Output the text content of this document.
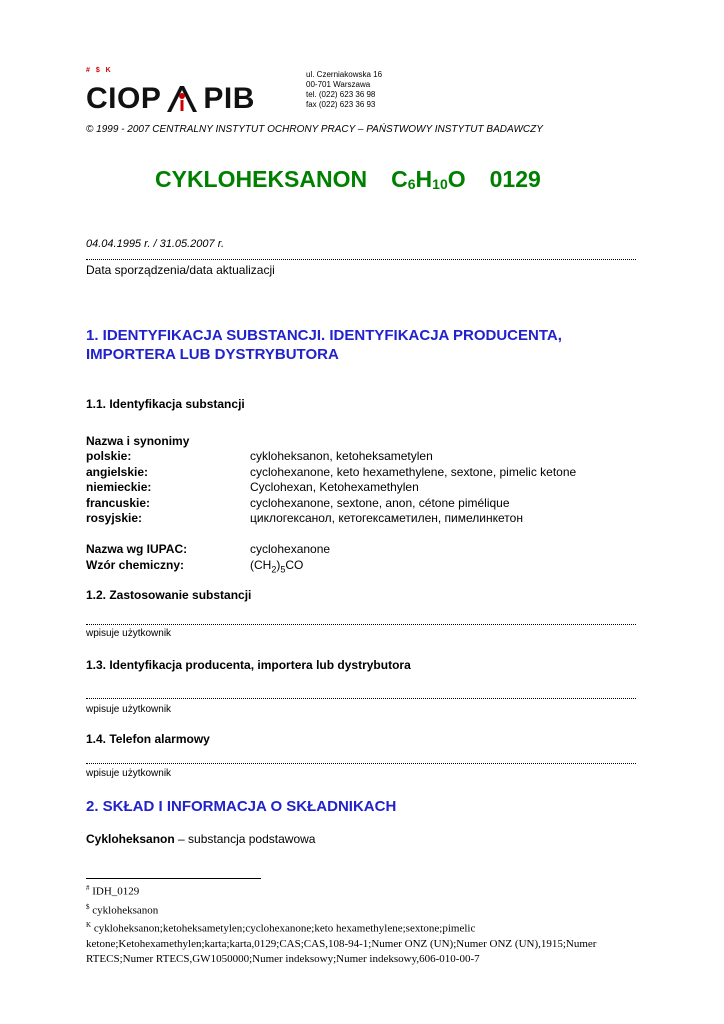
# $ K
CIOP PIB
ul. Czerniakowska 16
00-701 Warszawa
tel. (022) 623 36 98
fax (022) 623 36 93
© 1999 - 2007 CENTRALNY INSTYTUT OCHRONY PRACY – PAŃSTWOWY INSTYTUT BADAWCZY
CYKLOHEKSANON $C_6H_{10}O$ 0129
04.04.1995 r. / 31.05.2007 r.
Data sporządzenia/data aktualizacji
1. IDENTYFIKACJA SUBSTANCJI. IDENTYFIKACJA PRODUCENTA,
IMPORTERA LUB DYSTRYBUTORA
1.1. Identyfikacja substancji
Nazwa i synonimy
polskie:	cykloheksanon, ketoheksametylen
angielskie:	cyclohexanone, keto hexamethylene, sextone, pimelic ketone
niemieckie:	Cyclohexan, Ketohexamethylen
francuskie:	cyclohexanone, sextone, anon, cétone pimélique
rosyjskie:	циклогексанол, кетогексаметилен, пимелинкетон
Nazwa wg IUPAC:	cyclohexanone
Wzór chemiczny:	$(CH_2)_5CO$
1.2. Zastosowanie substancji
wpisuje użytkownik
1.3. Identyfikacja producenta, importera lub dystrybutora
wpisuje użytkownik
1.4. Telefon alarmowy
wpisuje użytkownik
2. SKŁAD I INFORMACJA O SKŁADNIKACH
Cykloheksanon – substancja podstawowa
# IDH_0129
$ cykloheksanon
$^K$ cykloheksanon;ketoheksametylen;cyclohexanone;keto hexamethylene;sextone;pimelic ketone;Ketohexamethylen;karta;karta,0129;CAS;CAS,108-94-1;Numer ONZ (UN);Numer ONZ (UN),1915;Numer RTECS;Numer RTECS,GW1050000;Numer indeksowy;Numer indeksowy,606-010-00-7
